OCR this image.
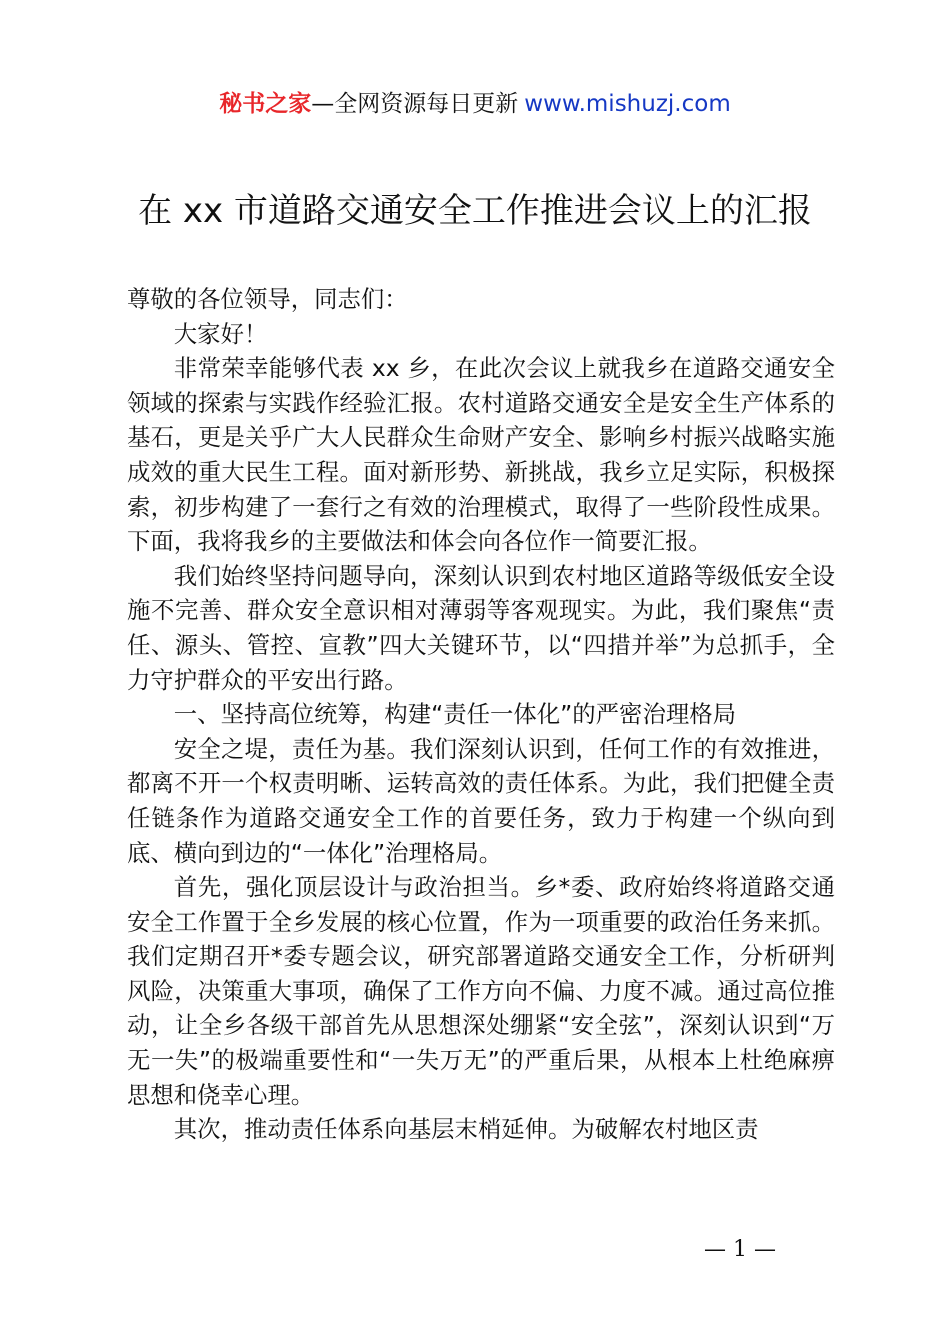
秘书之家—全网资源每日更新 www.mishuzj.com
在 xx 市道路交通安全工作推进会议上的汇报

尊敬的各位领导，同志们：

大家好！

非常荣幸能够代表 xx 乡，在此次会议上就我乡在道路交通安全领域的探索与实践作经验汇报。农村道路交通安全是安全生产体系的基石，更是关乎广大人民群众生命财产安全、影响乡村振兴战略实施成效的重大民生工程。面对新形势、新挑战，我乡立足实际，积极探索，初步构建了一套行之有效的治理模式，取得了一些阶段性成果。下面，我将我乡的主要做法和体会向各位作一简要汇报。

我们始终坚持问题导向，深刻认识到农村地区道路等级低安全设施不完善、群众安全意识相对薄弱等客观现实。为此，我们聚焦“责任、源头、管控、宣教”四大关键环节，以“四措并举”为总抓手，全力守护群众的平安出行路。

一、坚持高位统筹，构建“责任一体化”的严密治理格局

安全之堤，责任为基。我们深刻认识到，任何工作的有效推进，都离不开一个权责明晰、运转高效的责任体系。为此，我们把健全责任链条作为道路交通安全工作的首要任务，致力于构建一个纵向到底、横向到边的“一体化”治理格局。

首先，强化顶层设计与政治担当。乡*委、政府始终将道路交通安全工作置于全乡发展的核心位置，作为一项重要的政治任务来抓。我们定期召开*委专题会议，研究部署道路交通安全工作，分析研判风险，决策重大事项，确保了工作方向不偏、力度不减。通过高位推动，让全乡各级干部首先从思想深处绷紧“安全弦”，深刻认识到“万无一失”的极端重要性和“一失万无”的严重后果，从根本上杜绝麻痹思想和侥幸心理。

其次，推动责任体系向基层末梢延伸。为破解农村地区责

— 1 —
